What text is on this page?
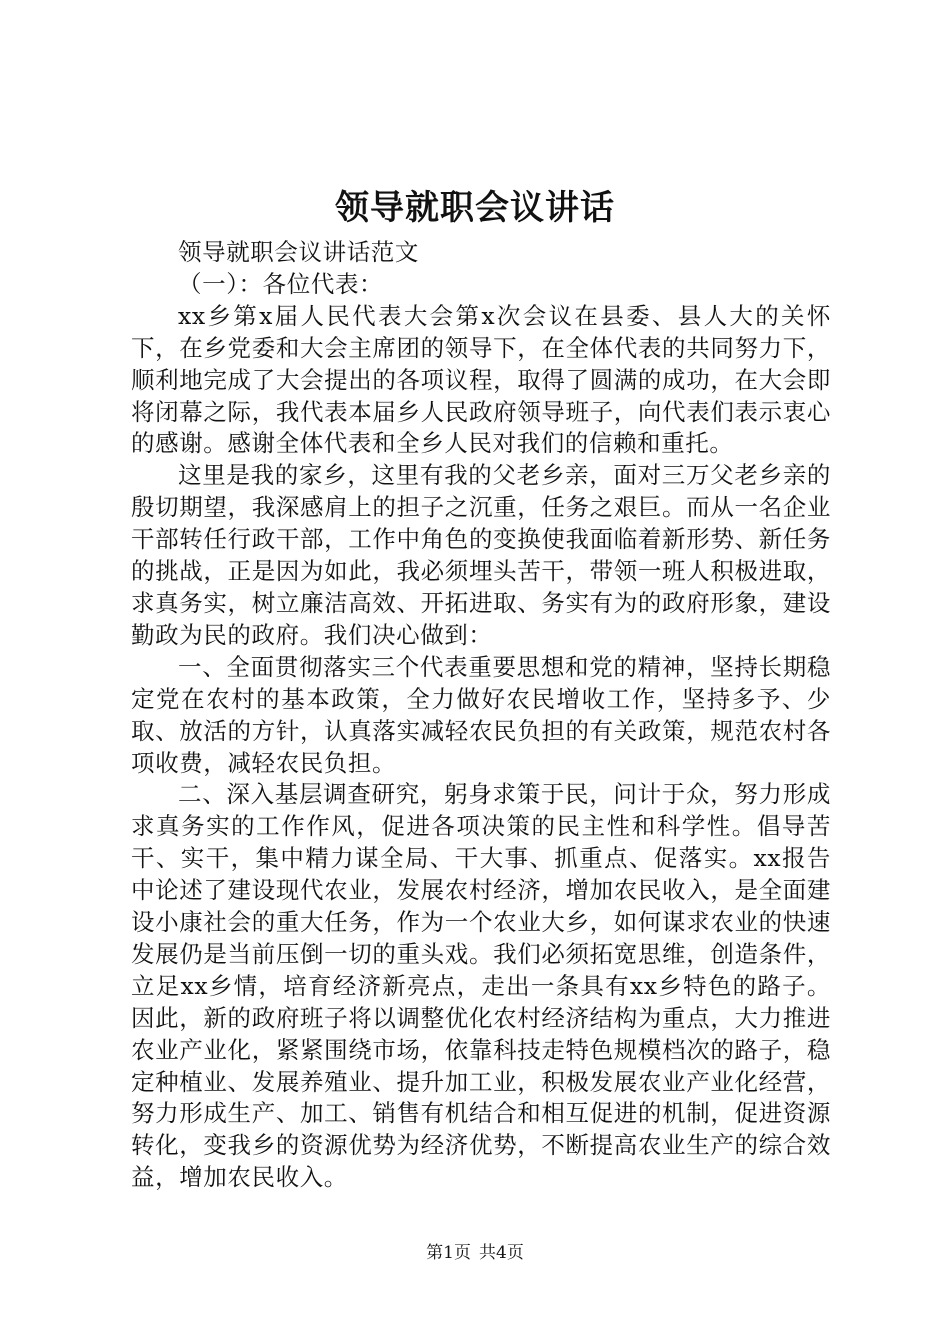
领导就职会议讲话

领导就职会议讲话范文

（一）：各位代表：

xx乡第x届人民代表大会第x次会议在县委、县人大的关怀下，在乡党委和大会主席团的领导下，在全体代表的共同努力下，顺利地完成了大会提出的各项议程，取得了圆满的成功，在大会即将闭幕之际，我代表本届乡人民政府领导班子，向代表们表示衷心的感谢。感谢全体代表和全乡人民对我们的信赖和重托。

这里是我的家乡，这里有我的父老乡亲，面对三万父老乡亲的殷切期望，我深感肩上的担子之沉重，任务之艰巨。而从一名企业干部转任行政干部，工作中角色的变换使我面临着新形势、新任务的挑战，正是因为如此，我必须埋头苦干，带领一班人积极进取，求真务实，树立廉洁高效、开拓进取、务实有为的政府形象，建设勤政为民的政府。我们决心做到：

一、全面贯彻落实三个代表重要思想和党的精神，坚持长期稳定党在农村的基本政策，全力做好农民增收工作，坚持多予、少取、放活的方针，认真落实减轻农民负担的有关政策，规范农村各项收费，减轻农民负担。

二、深入基层调查研究，躬身求策于民，问计于众，努力形成求真务实的工作作风，促进各项决策的民主性和科学性。倡导苦干、实干，集中精力谋全局、干大事、抓重点、促落实。xx报告中论述了建设现代农业，发展农村经济，增加农民收入，是全面建设小康社会的重大任务，作为一个农业大乡，如何谋求农业的快速发展仍是当前压倒一切的重头戏。我们必须拓宽思维，创造条件，立足xx乡情，培育经济新亮点，走出一条具有xx乡特色的路子。因此，新的政府班子将以调整优化农村经济结构为重点，大力推进农业产业化，紧紧围绕市场，依靠科技走特色规模档次的路子，稳定种植业、发展养殖业、提升加工业，积极发展农业产业化经营，努力形成生产、加工、销售有机结合和相互促进的机制，促进资源转化，变我乡的资源优势为经济优势，不断提高农业生产的综合效益，增加农民收入。

第1页 共4页
